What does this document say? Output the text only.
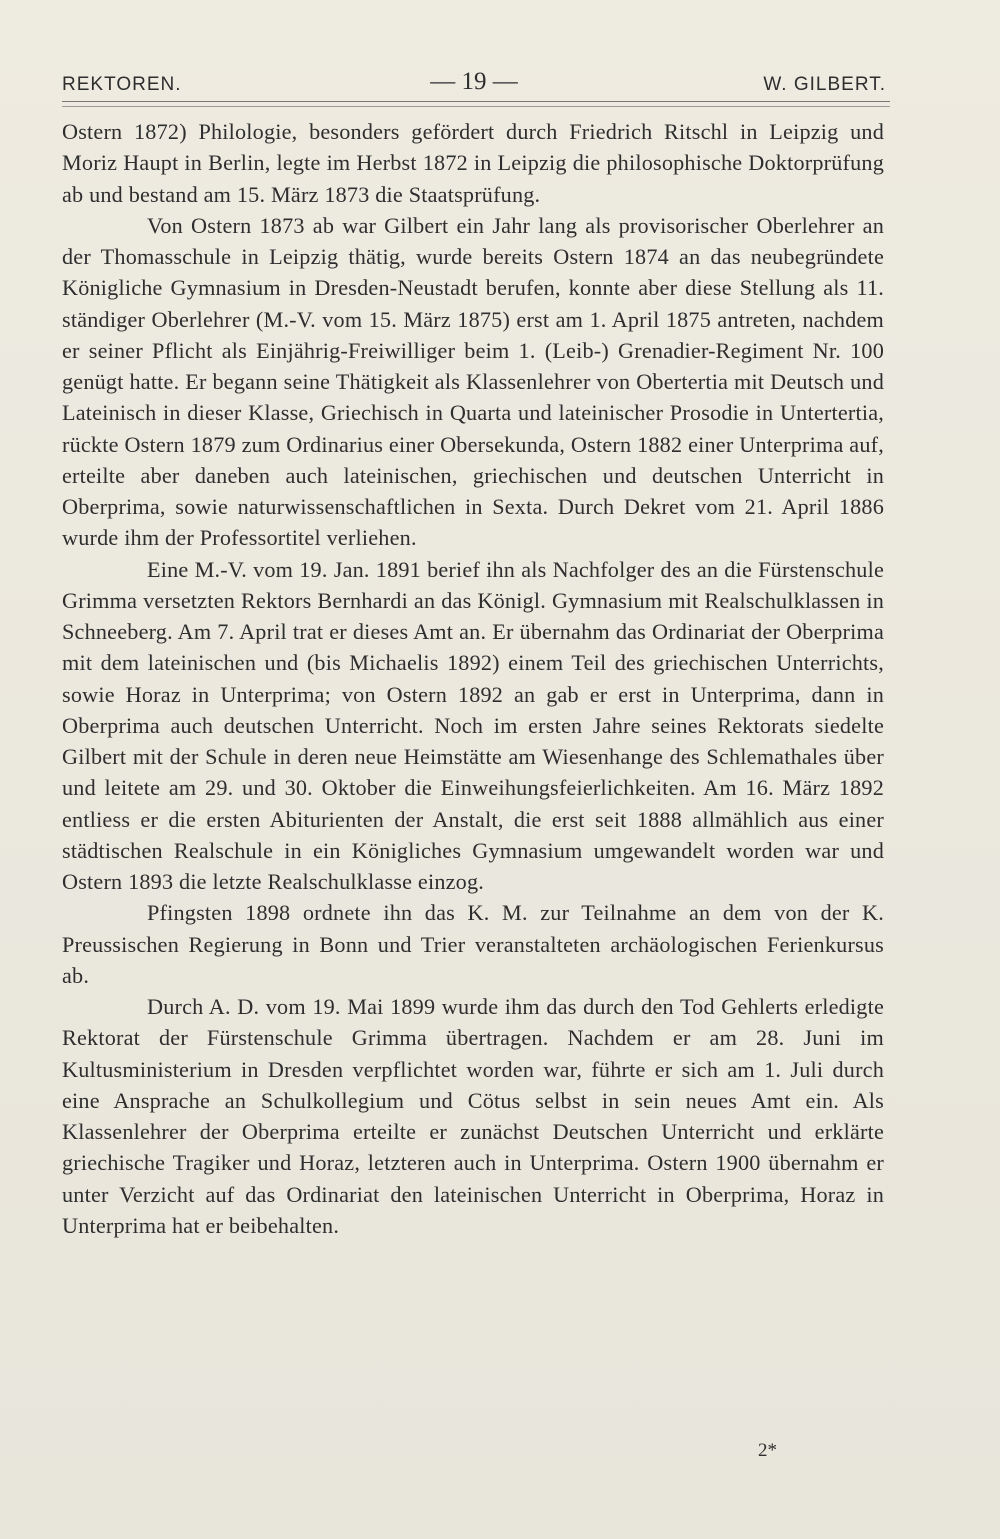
REKTOREN.	— 19 —	W. GILBERT.

Ostern 1872) Philologie, besonders gefördert durch Friedrich Ritschl in Leipzig und Moriz Haupt in Berlin, legte im Herbst 1872 in Leipzig die philosophische Doktorprüfung ab und bestand am 15. März 1873 die Staatsprüfung.

Von Ostern 1873 ab war Gilbert ein Jahr lang als provisorischer Oberlehrer an der Thomasschule in Leipzig thätig, wurde bereits Ostern 1874 an das neubegründete Königliche Gymnasium in Dresden-Neustadt berufen, konnte aber diese Stellung als 11. ständiger Oberlehrer (M.-V. vom 15. März 1875) erst am 1. April 1875 antreten, nachdem er seiner Pflicht als Einjährig-Freiwilliger beim 1. (Leib-) Grenadier-Regiment Nr. 100 genügt hatte. Er begann seine Thätigkeit als Klassenlehrer von Obertertia mit Deutsch und Lateinisch in dieser Klasse, Griechisch in Quarta und lateinischer Prosodie in Untertertia, rückte Ostern 1879 zum Ordinarius einer Obersekunda, Ostern 1882 einer Unterprima auf, erteilte aber daneben auch lateinischen, griechischen und deutschen Unterricht in Oberprima, sowie naturwissenschaftlichen in Sexta. Durch Dekret vom 21. April 1886 wurde ihm der Professortitel verliehen.

Eine M.-V. vom 19. Jan. 1891 berief ihn als Nachfolger des an die Fürstenschule Grimma versetzten Rektors Bernhardi an das Königl. Gymnasium mit Realschulklassen in Schneeberg. Am 7. April trat er dieses Amt an. Er übernahm das Ordinariat der Oberprima mit dem lateinischen und (bis Michaelis 1892) einem Teil des griechischen Unterrichts, sowie Horaz in Unterprima; von Ostern 1892 an gab er erst in Unterprima, dann in Oberprima auch deutschen Unterricht. Noch im ersten Jahre seines Rektorats siedelte Gilbert mit der Schule in deren neue Heimstätte am Wiesenhange des Schlemathales über und leitete am 29. und 30. Oktober die Einweihungsfeierlichkeiten. Am 16. März 1892 entliess er die ersten Abiturienten der Anstalt, die erst seit 1888 allmählich aus einer städtischen Realschule in ein Königliches Gymnasium umgewandelt worden war und Ostern 1893 die letzte Realschulklasse einzog.

Pfingsten 1898 ordnete ihn das K. M. zur Teilnahme an dem von der K. Preussischen Regierung in Bonn und Trier veranstalteten archäologischen Ferienkursus ab.

Durch A. D. vom 19. Mai 1899 wurde ihm das durch den Tod Gehlerts erledigte Rektorat der Fürstenschule Grimma übertragen. Nachdem er am 28. Juni im Kultusministerium in Dresden verpflichtet worden war, führte er sich am 1. Juli durch eine Ansprache an Schulkollegium und Cötus selbst in sein neues Amt ein. Als Klassenlehrer der Oberprima erteilte er zunächst Deutschen Unterricht und erklärte griechische Tragiker und Horaz, letzteren auch in Unterprima. Ostern 1900 übernahm er unter Verzicht auf das Ordinariat den lateinischen Unterricht in Oberprima, Horaz in Unterprima hat er beibehalten.

2*
